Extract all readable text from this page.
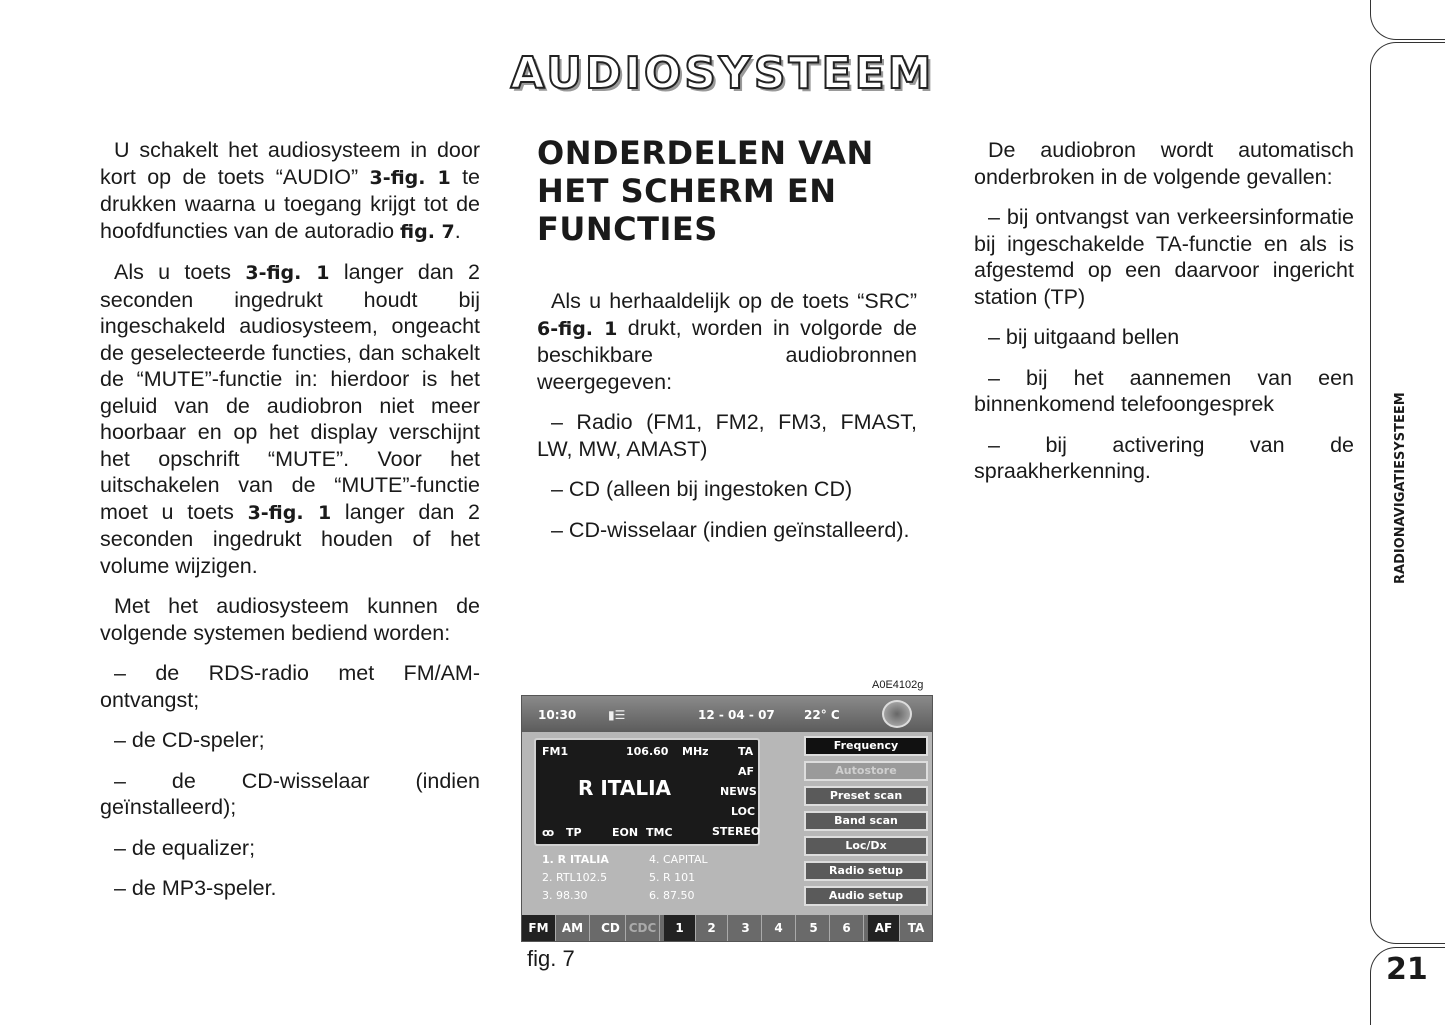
AUDIOSYSTEEM

U schakelt het audiosysteem in door kort op de toets “AUDIO” 3-fig. 1 te drukken waarna u toegang krijgt tot de hoofdfuncties van de autoradio fig. 7.

Als u toets 3-fig. 1 langer dan 2 seconden ingedrukt houdt bij ingeschakeld audiosysteem, ongeacht de geselecteerde functies, dan schakelt de “MUTE”-functie in: hierdoor is het geluid van de audiobron niet meer hoorbaar en op het display verschijnt het opschrift “MUTE”. Voor het uitschakelen van de “MUTE”-functie moet u toets 3-fig. 1 langer dan 2 seconden ingedrukt houden of het volume wijzigen.

Met het audiosysteem kunnen de volgende systemen bediend worden:

– de RDS-radio met FM/AM-ontvangst;

– de CD-speler;

– de CD-wisselaar (indien geïnstalleerd);

– de equalizer;

– de MP3-speler.

ONDERDELEN VAN HET SCHERM EN FUNCTIES

Als u herhaaldelijk op de toets “SRC” 6-fig. 1 drukt, worden in volgorde de beschikbare audiobronnen weergegeven:

– Radio (FM1, FM2, FM3, FMAST, LW, MW, AMAST)

– CD (alleen bij ingestoken CD)

– CD-wisselaar (indien geïnstalleerd).

De audiobron wordt automatisch onderbroken in de volgende gevallen:

– bij ontvangst van verkeersinformatie bij ingeschakelde TA-functie en als is afgestemd op een daarvoor ingericht station (TP)

– bij uitgaand bellen

– bij het aannemen van een binnenkomend telefoongesprek

– bij activering van de spraakherkenning.

A0E4102g
10:30	▮☰	12 - 04 - 07 22° C
FM1	106.60 MHz	TA
AF
NEWS
LOC
STEREO
R ITALIA
ꝏ TP	EON TMC
1. R ITALIA
2. RTL102.5
3. 98.30
4. CAPITAL
5. R 101
6. 87.50
Frequency
Autostore
Preset scan
Band scan
Loc/Dx
Radio setup
Audio setup
FM	AM	CD CDC	1	2	3	4	5	6	AF	TA
fig. 7
RADIONAVIGATIESYSTEEM
21
